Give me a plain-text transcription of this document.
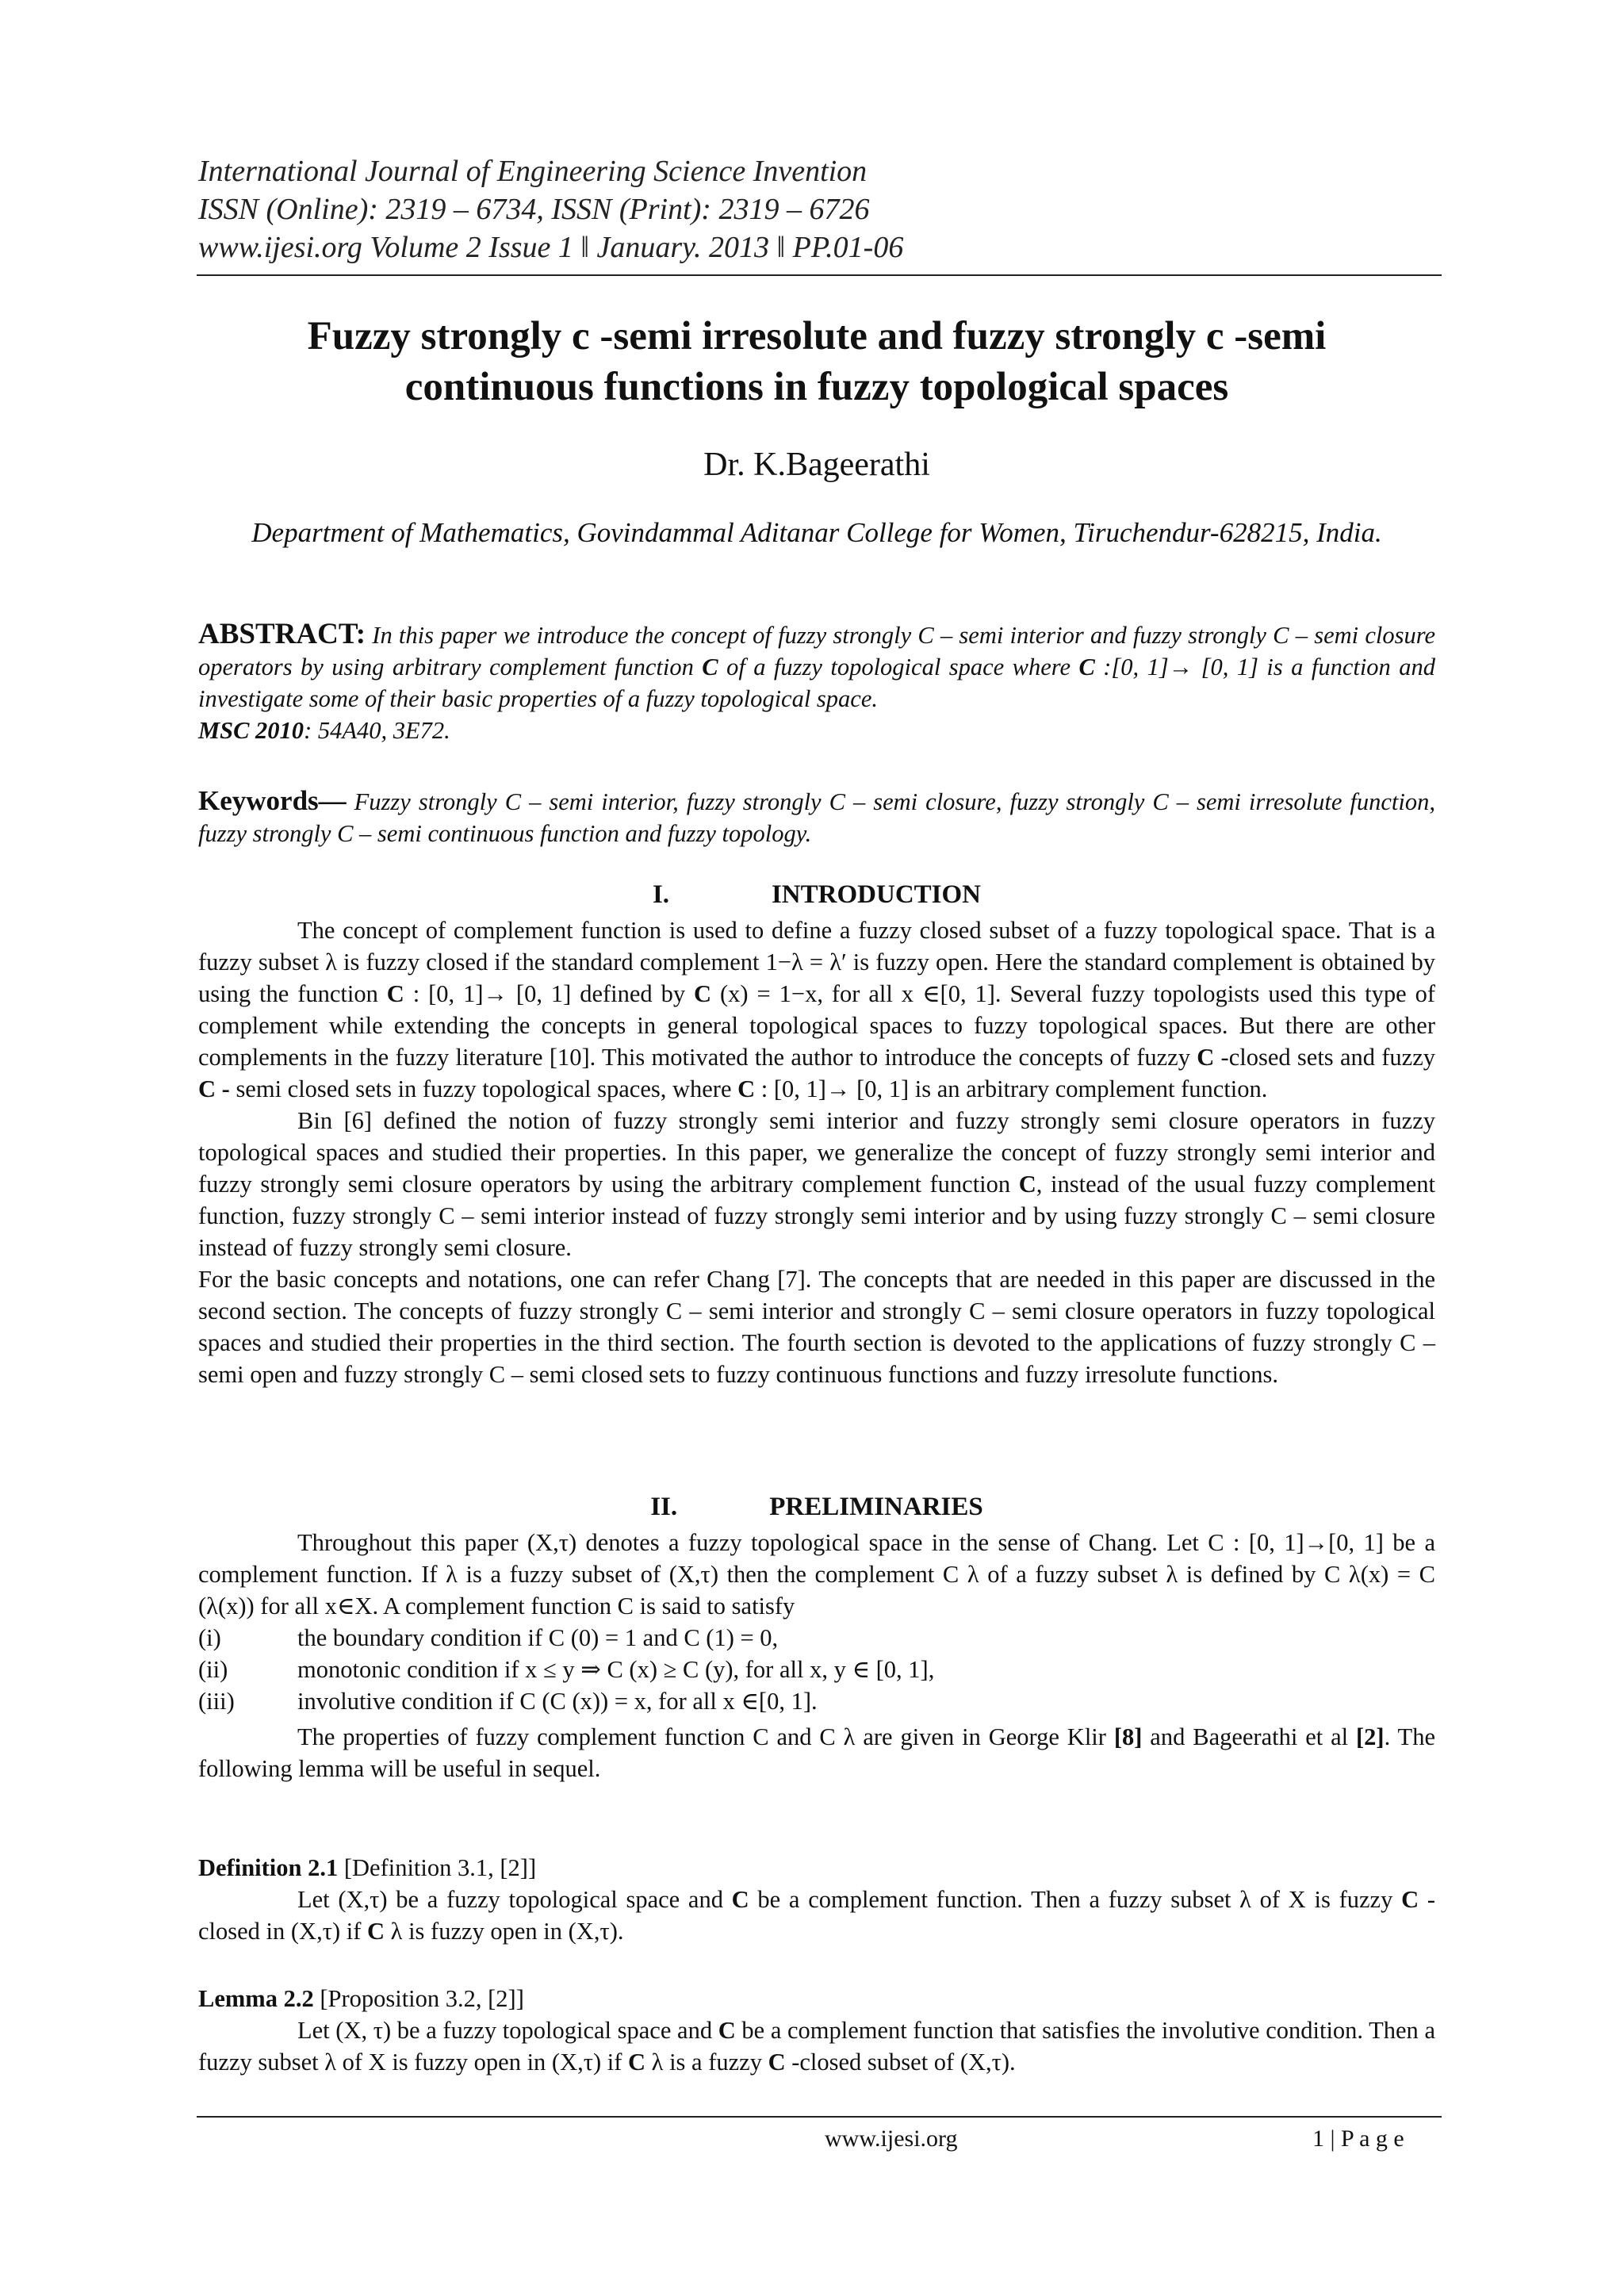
International Journal of Engineering Science Invention
ISSN (Online): 2319 – 6734, ISSN (Print): 2319 – 6726
www.ijesi.org Volume 2 Issue 1 ǁ January. 2013 ǁ PP.01-06
Fuzzy strongly c -semi irresolute and fuzzy strongly c -semi
continuous functions in fuzzy topological spaces
Dr. K.Bageerathi
Department of Mathematics, Govindammal Aditanar College for Women, Tiruchendur-628215, India.

ABSTRACT: In this paper we introduce the concept of fuzzy strongly C – semi interior and fuzzy strongly C – semi closure operators by using arbitrary complement function C of a fuzzy topological space where C :[0, 1]→ [0, 1] is a function and investigate some of their basic properties of a fuzzy topological space.

MSC 2010: 54A40, 3E72.

Keywords— Fuzzy strongly C – semi interior, fuzzy strongly C – semi closure, fuzzy strongly C – semi irresolute function, fuzzy strongly C – semi continuous function and fuzzy topology.

I.	INTRODUCTION

The concept of complement function is used to define a fuzzy closed subset of a fuzzy topological space. That is a fuzzy subset λ is fuzzy closed if the standard complement 1−λ = λ′ is fuzzy open. Here the standard complement is obtained by using the function C : [0, 1]→ [0, 1] defined by C (x) = 1−x, for all x ∈[0, 1]. Several fuzzy topologists used this type of complement while extending the concepts in general topological spaces to fuzzy topological spaces. But there are other complements in the fuzzy literature [10]. This motivated the author to introduce the concepts of fuzzy C -closed sets and fuzzy C - semi closed sets in fuzzy topological spaces, where C : [0, 1]→ [0, 1] is an arbitrary complement function.

Bin [6] defined the notion of fuzzy strongly semi interior and fuzzy strongly semi closure operators in fuzzy topological spaces and studied their properties. In this paper, we generalize the concept of fuzzy strongly semi interior and fuzzy strongly semi closure operators by using the arbitrary complement function C, instead of the usual fuzzy complement function, fuzzy strongly C – semi interior instead of fuzzy strongly semi interior and by using fuzzy strongly C – semi closure instead of fuzzy strongly semi closure.

For the basic concepts and notations, one can refer Chang [7]. The concepts that are needed in this paper are discussed in the second section. The concepts of fuzzy strongly C – semi interior and strongly C – semi closure operators in fuzzy topological spaces and studied their properties in the third section. The fourth section is devoted to the applications of fuzzy strongly C – semi open and fuzzy strongly C – semi closed sets to fuzzy continuous functions and fuzzy irresolute functions.

II.	PRELIMINARIES

Throughout this paper (X,τ) denotes a fuzzy topological space in the sense of Chang. Let C : [0, 1]→[0, 1] be a complement function. If λ is a fuzzy subset of (X,τ) then the complement C λ of a fuzzy subset λ is defined by C λ(x) = C (λ(x)) for all x∈X. A complement function C is said to satisfy

(i)	the boundary condition if C (0) = 1 and C (1) = 0,
(ii)	monotonic condition if x ≤ y ⇒ C (x) ≥ C (y), for all x, y ∈ [0, 1],
(iii)	involutive condition if C (C (x)) = x, for all x ∈[0, 1].

The properties of fuzzy complement function C and C λ are given in George Klir [8] and Bageerathi et al [2]. The following lemma will be useful in sequel.

Definition 2.1 [Definition 3.1, [2]]

Let (X,τ) be a fuzzy topological space and C be a complement function. Then a fuzzy subset λ of X is fuzzy C -closed in (X,τ) if C λ is fuzzy open in (X,τ).

Lemma 2.2 [Proposition 3.2, [2]]

Let (X, τ) be a fuzzy topological space and C be a complement function that satisfies the involutive condition. Then a fuzzy subset λ of X is fuzzy open in (X,τ) if C λ is a fuzzy C -closed subset of (X,τ).

www.ijesi.org	1 | P a g e
